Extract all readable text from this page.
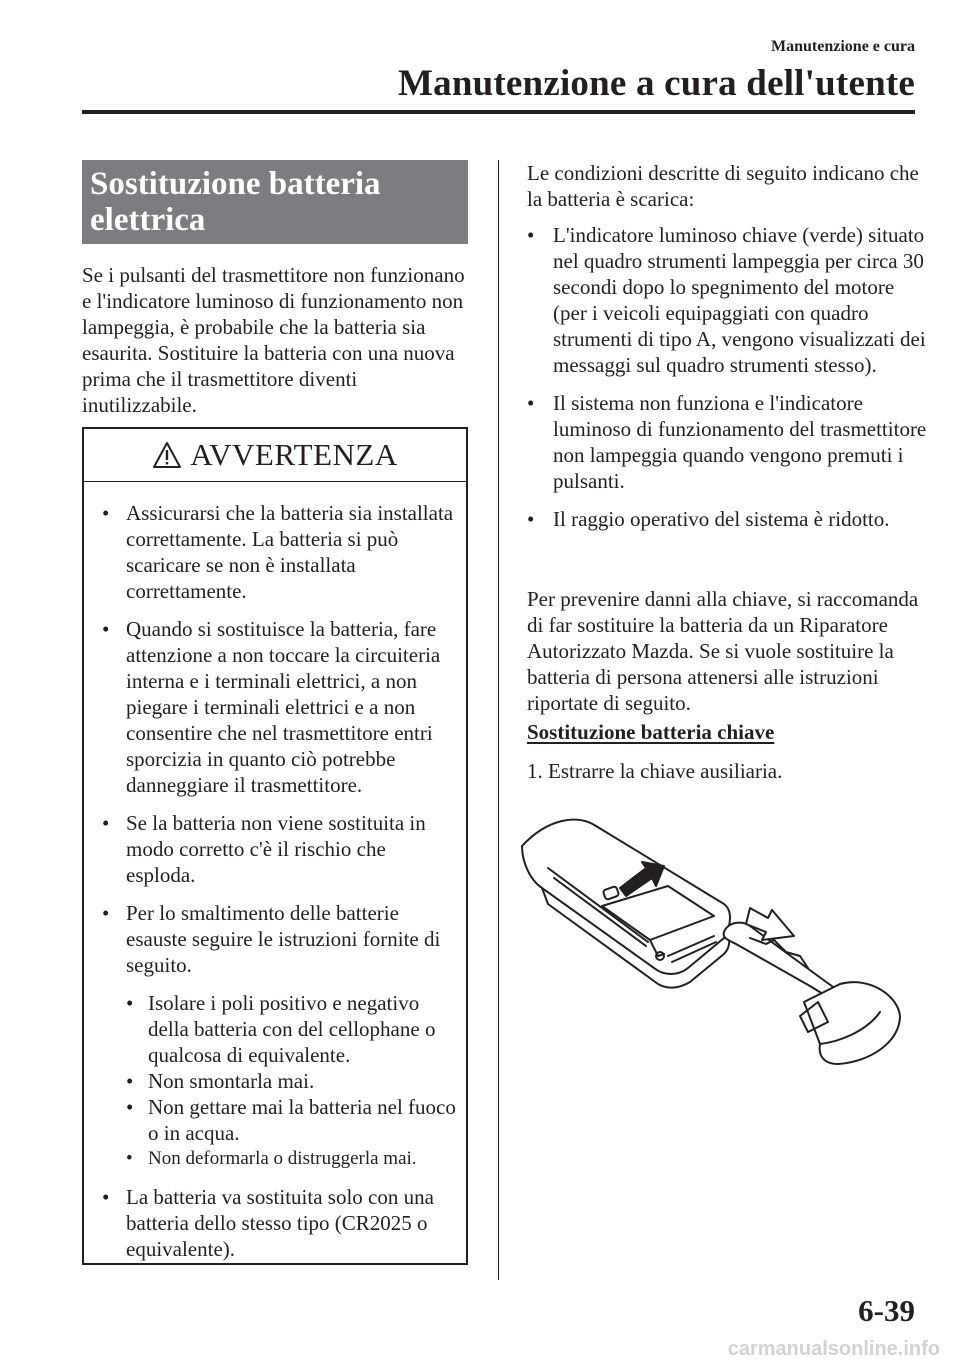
Manutenzione e cura
Manutenzione a cura dell'utente
Sostituzione batteria
elettrica

Se i pulsanti del trasmettitore non funzionano e l'indicatore luminoso di funzionamento non lampeggia, è probabile che la batteria sia esaurita. Sostituire la batteria con una nuova prima che il trasmettitore diventi inutilizzabile.

AVVERTENZA
• Assicurarsi che la batteria sia installata correttamente. La batteria si può scaricare se non è installata correttamente.
• Quando si sostituisce la batteria, fare attenzione a non toccare la circuiteria interna e i terminali elettrici, a non piegare i terminali elettrici e a non consentire che nel trasmettitore entri sporcizia in quanto ciò potrebbe danneggiare il trasmettitore.
• Se la batteria non viene sostituita in modo corretto c'è il rischio che esploda.
• Per lo smaltimento delle batterie esauste seguire le istruzioni fornite di seguito.
• Isolare i poli positivo e negativo della batteria con del cellophane o qualcosa di equivalente.
• Non smontarla mai.
• Non gettare mai la batteria nel fuoco o in acqua.
• Non deformarla o distruggerla mai.
• La batteria va sostituita solo con una batteria dello stesso tipo (CR2025 o equivalente).

Le condizioni descritte di seguito indicano che la batteria è scarica:

• L'indicatore luminoso chiave (verde) situato nel quadro strumenti lampeggia per circa 30 secondi dopo lo spegnimento del motore (per i veicoli equipaggiati con quadro strumenti di tipo A, vengono visualizzati dei messaggi sul quadro strumenti stesso).
• Il sistema non funziona e l'indicatore luminoso di funzionamento del trasmettitore non lampeggia quando vengono premuti i pulsanti.
• Il raggio operativo del sistema è ridotto.

Per prevenire danni alla chiave, si raccomanda di far sostituire la batteria da un Riparatore Autorizzato Mazda. Se si vuole sostituire la batteria di persona attenersi alle istruzioni riportate di seguito.

Sostituzione batteria chiave
1. Estrarre la chiave ausiliaria.
6-39
carmanualsonline.info
